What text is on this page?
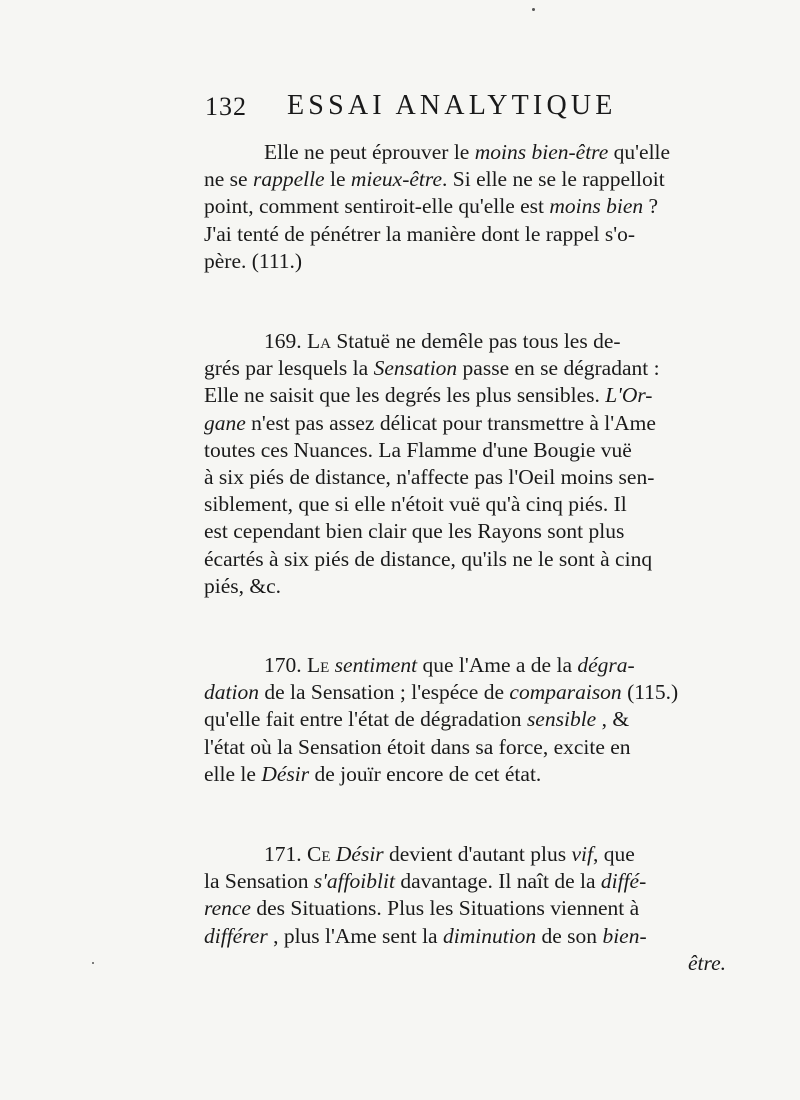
132 ESSAI ANALYTIQUE
Elle ne peut éprouver le moins bien-être qu'elle
ne se rappelle le mieux-être. Si elle ne se le rappelloit
point, comment sentiroit-elle qu'elle est moins bien ?
J'ai tenté de pénétrer la manière dont le rappel s'o-
père. (111.)
169. La Statuë ne demêle pas tous les de-
grés par lesquels la Sensation passe en se dégradant :
Elle ne saisit que les degrés les plus sensibles. L'Or-
gane n'est pas assez délicat pour transmettre à l'Ame
toutes ces Nuances. La Flamme d'une Bougie vuë
à six piés de distance, n'affecte pas l'Oeil moins sen-
siblement, que si elle n'étoit vuë qu'à cinq piés. Il
est cependant bien clair que les Rayons sont plus
écartés à six piés de distance, qu'ils ne le sont à cinq
piés, &c.
170. Le sentiment que l'Ame a de la dégra-
dation de la Sensation ; l'espéce de comparaison (115.)
qu'elle fait entre l'état de dégradation sensible , &
l'état où la Sensation étoit dans sa force, excite en
elle le Désir de jouïr encore de cet état.
171. Ce Désir devient d'autant plus vif, que
la Sensation s'affoiblit davantage. Il naît de la diffé-
rence des Situations. Plus les Situations viennent à
différer , plus l'Ame sent la diminution de son bien-
être.
